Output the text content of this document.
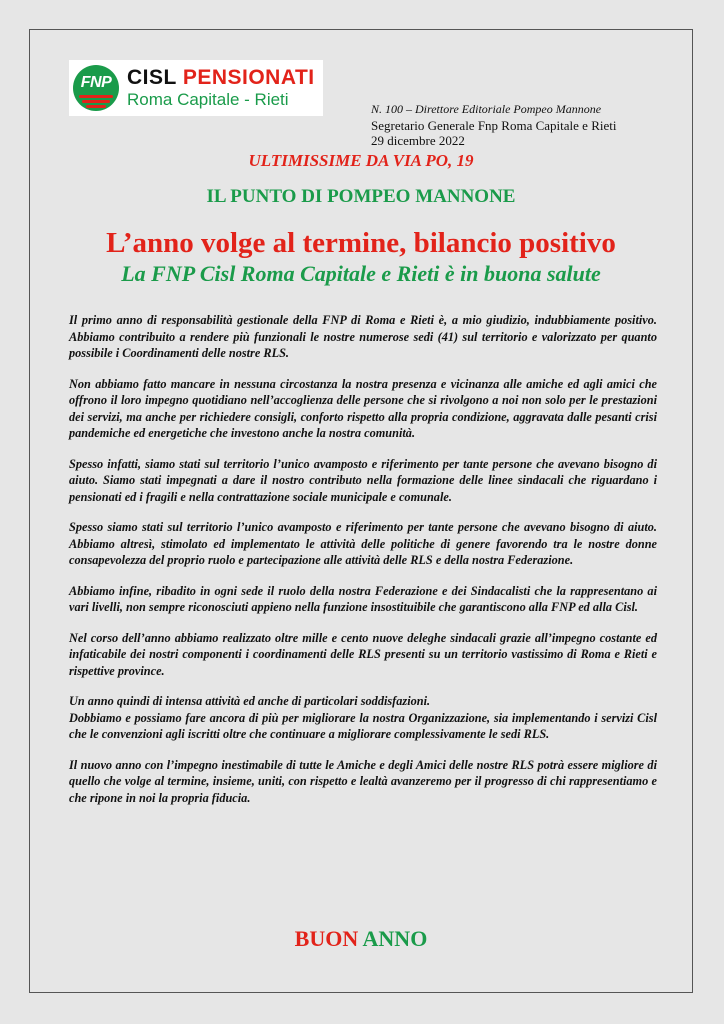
FNP CISL PENSIONATI
Roma Capitale - Rieti	N. 100 – Direttore Editoriale Pompeo Mannone
Segretario Generale Fnp Roma Capitale e Rieti
29 dicembre 2022
ULTIMISSIME DA VIA PO, 19
IL PUNTO DI POMPEO MANNONE
L’anno volge al termine, bilancio positivo
La FNP Cisl Roma Capitale e Rieti è in buona salute

Il primo anno di responsabilità gestionale della FNP di Roma e Rieti è, a mio giudizio, indubbiamente positivo. Abbiamo contribuito a rendere più funzionali le nostre numerose sedi (41) sul territorio e valorizzato per quanto possibile i Coordinamenti delle nostre RLS.

Non abbiamo fatto mancare in nessuna circostanza la nostra presenza e vicinanza alle amiche ed agli amici che offrono il loro impegno quotidiano nell’accoglienza delle persone che si rivolgono a noi non solo per le prestazioni dei servizi, ma anche per richiedere consigli, conforto rispetto alla propria condizione, aggravata dalle pesanti crisi pandemiche ed energetiche che investono anche la nostra comunità.

Spesso infatti, siamo stati sul territorio l’unico avamposto e riferimento per tante persone che avevano bisogno di aiuto. Siamo stati impegnati a dare il nostro contributo nella formazione delle linee sindacali che riguardano i pensionati ed i fragili e nella contrattazione sociale municipale e comunale.

Spesso siamo stati sul territorio l’unico avamposto e riferimento per tante persone che avevano bisogno di aiuto. Abbiamo altresì, stimolato ed implementato le attività delle politiche di genere favorendo tra le nostre donne consapevolezza del proprio ruolo e partecipazione alle attività delle RLS e della nostra Federazione.

Abbiamo infine, ribadito in ogni sede il ruolo della nostra Federazione e dei Sindacalisti che la rappresentano ai vari livelli, non sempre riconosciuti appieno nella funzione insostituibile che garantiscono alla FNP ed alla Cisl.

Nel corso dell’anno abbiamo realizzato oltre mille e cento nuove deleghe sindacali grazie all’impegno costante ed infaticabile dei nostri componenti i coordinamenti delle RLS presenti su un territorio vastissimo di Roma e Rieti e rispettive province.

Un anno quindi di intensa attività ed anche di particolari soddisfazioni.

Dobbiamo e possiamo fare ancora di più per migliorare la nostra Organizzazione, sia implementando i servizi Cisl che le convenzioni agli iscritti oltre che continuare a migliorare complessivamente le sedi RLS.

Il nuovo anno con l’impegno inestimabile di tutte le Amiche e degli Amici delle nostre RLS potrà essere migliore di quello che volge al termine, insieme, uniti, con rispetto e lealtà avanzeremo per il progresso di chi rappresentiamo e che ripone in noi la propria fiducia.

BUON ANNO
